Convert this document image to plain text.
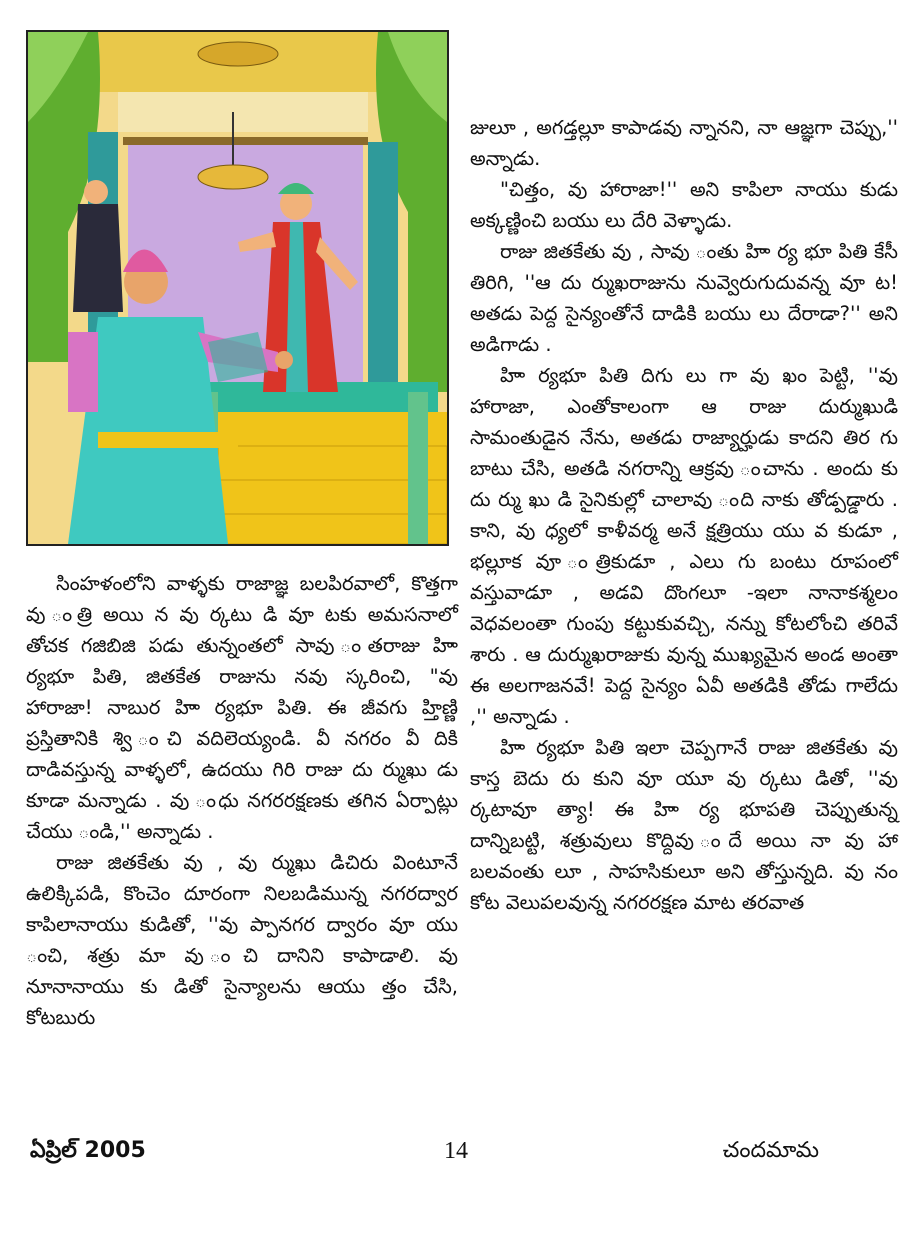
జులూ , అగడ్తల్లూ కాపాడవు న్నానని, నా ఆజ్ఞగా చెప్పు,'' అన్నాడు.

"చిత్తం, వు హారాజా!'' అని కాపిలా నాయు కుడు అక్కణ్ణించి బయు లు దేరి వెళ్ళాడు.

రాజు జితకేతు వు , సావు ంతు హిా ర్య భూ పితి కేసీ తిరిగి, ''ఆ దు ర్ముఖరాజును నువ్వెరుగుదువన్న వూ ట! అతడు పెద్ద సైన్యంతోనే దాడికి బయు లు దేరాడా?'' అని అడిగాడు .

హిా ర్యభూ పితి దిగు లు గా వు ఖం పెట్టి, ''వు హారాజా, ఎంతోకాలంగా ఆ రాజు దుర్ముఖుడి సామంతుడైన నేను, అతడు రాజ్యార్హుడు కాదని తిర గు బాటు చేసి, అతడి నగరాన్ని ఆక్రవు ంచాను . అందు కు దు ర్ము ఖు డి సైనికుల్లో చాలావు ంది నాకు తోడ్పడ్డారు . కాని, వు ధ్యలో కాళీవర్మ అనే క్షత్రియు యు వ కుడూ , భల్లూక వూ ంత్రికుడూ , ఎలు గు బంటు రూపంలో వస్తువాడూ , అడవి దొంగలూ -ఇలా నానాకశ్మలం వెధవలంతా గుంపు కట్టుకువచ్చి, నన్ను కోటలోంచి తరివే శారు . ఆ దుర్ముఖరాజుకు వున్న ముఖ్యమైన అండ అంతా ఈ అలగాజనవే! పెద్ద సైన్యం ఏవీ అతడికి తోడు గాలేదు ,'' అన్నాడు .

హిా ర్యభూ పితి ఇలా చెప్పగానే రాజు జితకేతు వు కాస్త బెదు రు కుని వూ యూ వు ర్కటు డితో, ''వు ర్కటావూ త్యా! ఈ హిా ర్య భూపతి చెప్పుతున్న దాన్నిబట్టి, శత్రువులు కొద్దివు ందే అయి నా వు హా బలవంతు లూ , సాహసికులూ అని తోస్తున్నది. వు నం కోట వెలుపలవున్న నగరరక్షణ మాట తరవాత

సింహళంలోని వాళ్ళకు రాజాజ్ఞ బలపిరవాలో, కొత్తగా వు ంత్రి అయి న వు ర్కటు డి వూ టకు అమసనాలో తోచక గజిబిజి పడు తున్నంతలో సావు ంతరాజు హిా ర్యభూ పితి, జితకేత రాజును నవు స్కరించి, "వు హారాజా! నాబుర హిా ర్యభూ పితి. ఈ జీవగు హ్తిణ్ణి ప్రస్తితానికి శ్వి ంచి వదిలెయ్యండి. వీ నగరం వీ దికి దాడివస్తున్న వాళ్ళలో, ఉదయు గిరి రాజు దు ర్ముఖు డు కూడా మన్నాడు . వు ంధు నగరరక్షణకు తగిన ఏర్పాట్లు చేయు ండి,'' అన్నాడు .

రాజు జితకేతు వు , వు ర్ముఖు డిచిరు వింటూనే ఉలిక్కిపడి, కొంచెం దూరంగా నిలబడిమున్న నగరద్వార కాపిలానాయు కుడితో, ''వు ప్పానగర ద్వారం వూ యు ంచి, శత్రు మా వు ంచి దానిని కాపాడాలి. వు నూనానాయు కు డితో సైన్యాలను ఆయు త్తం చేసి, కోటబురు

ఏప్రిల్ 2005	14	చందమామ
